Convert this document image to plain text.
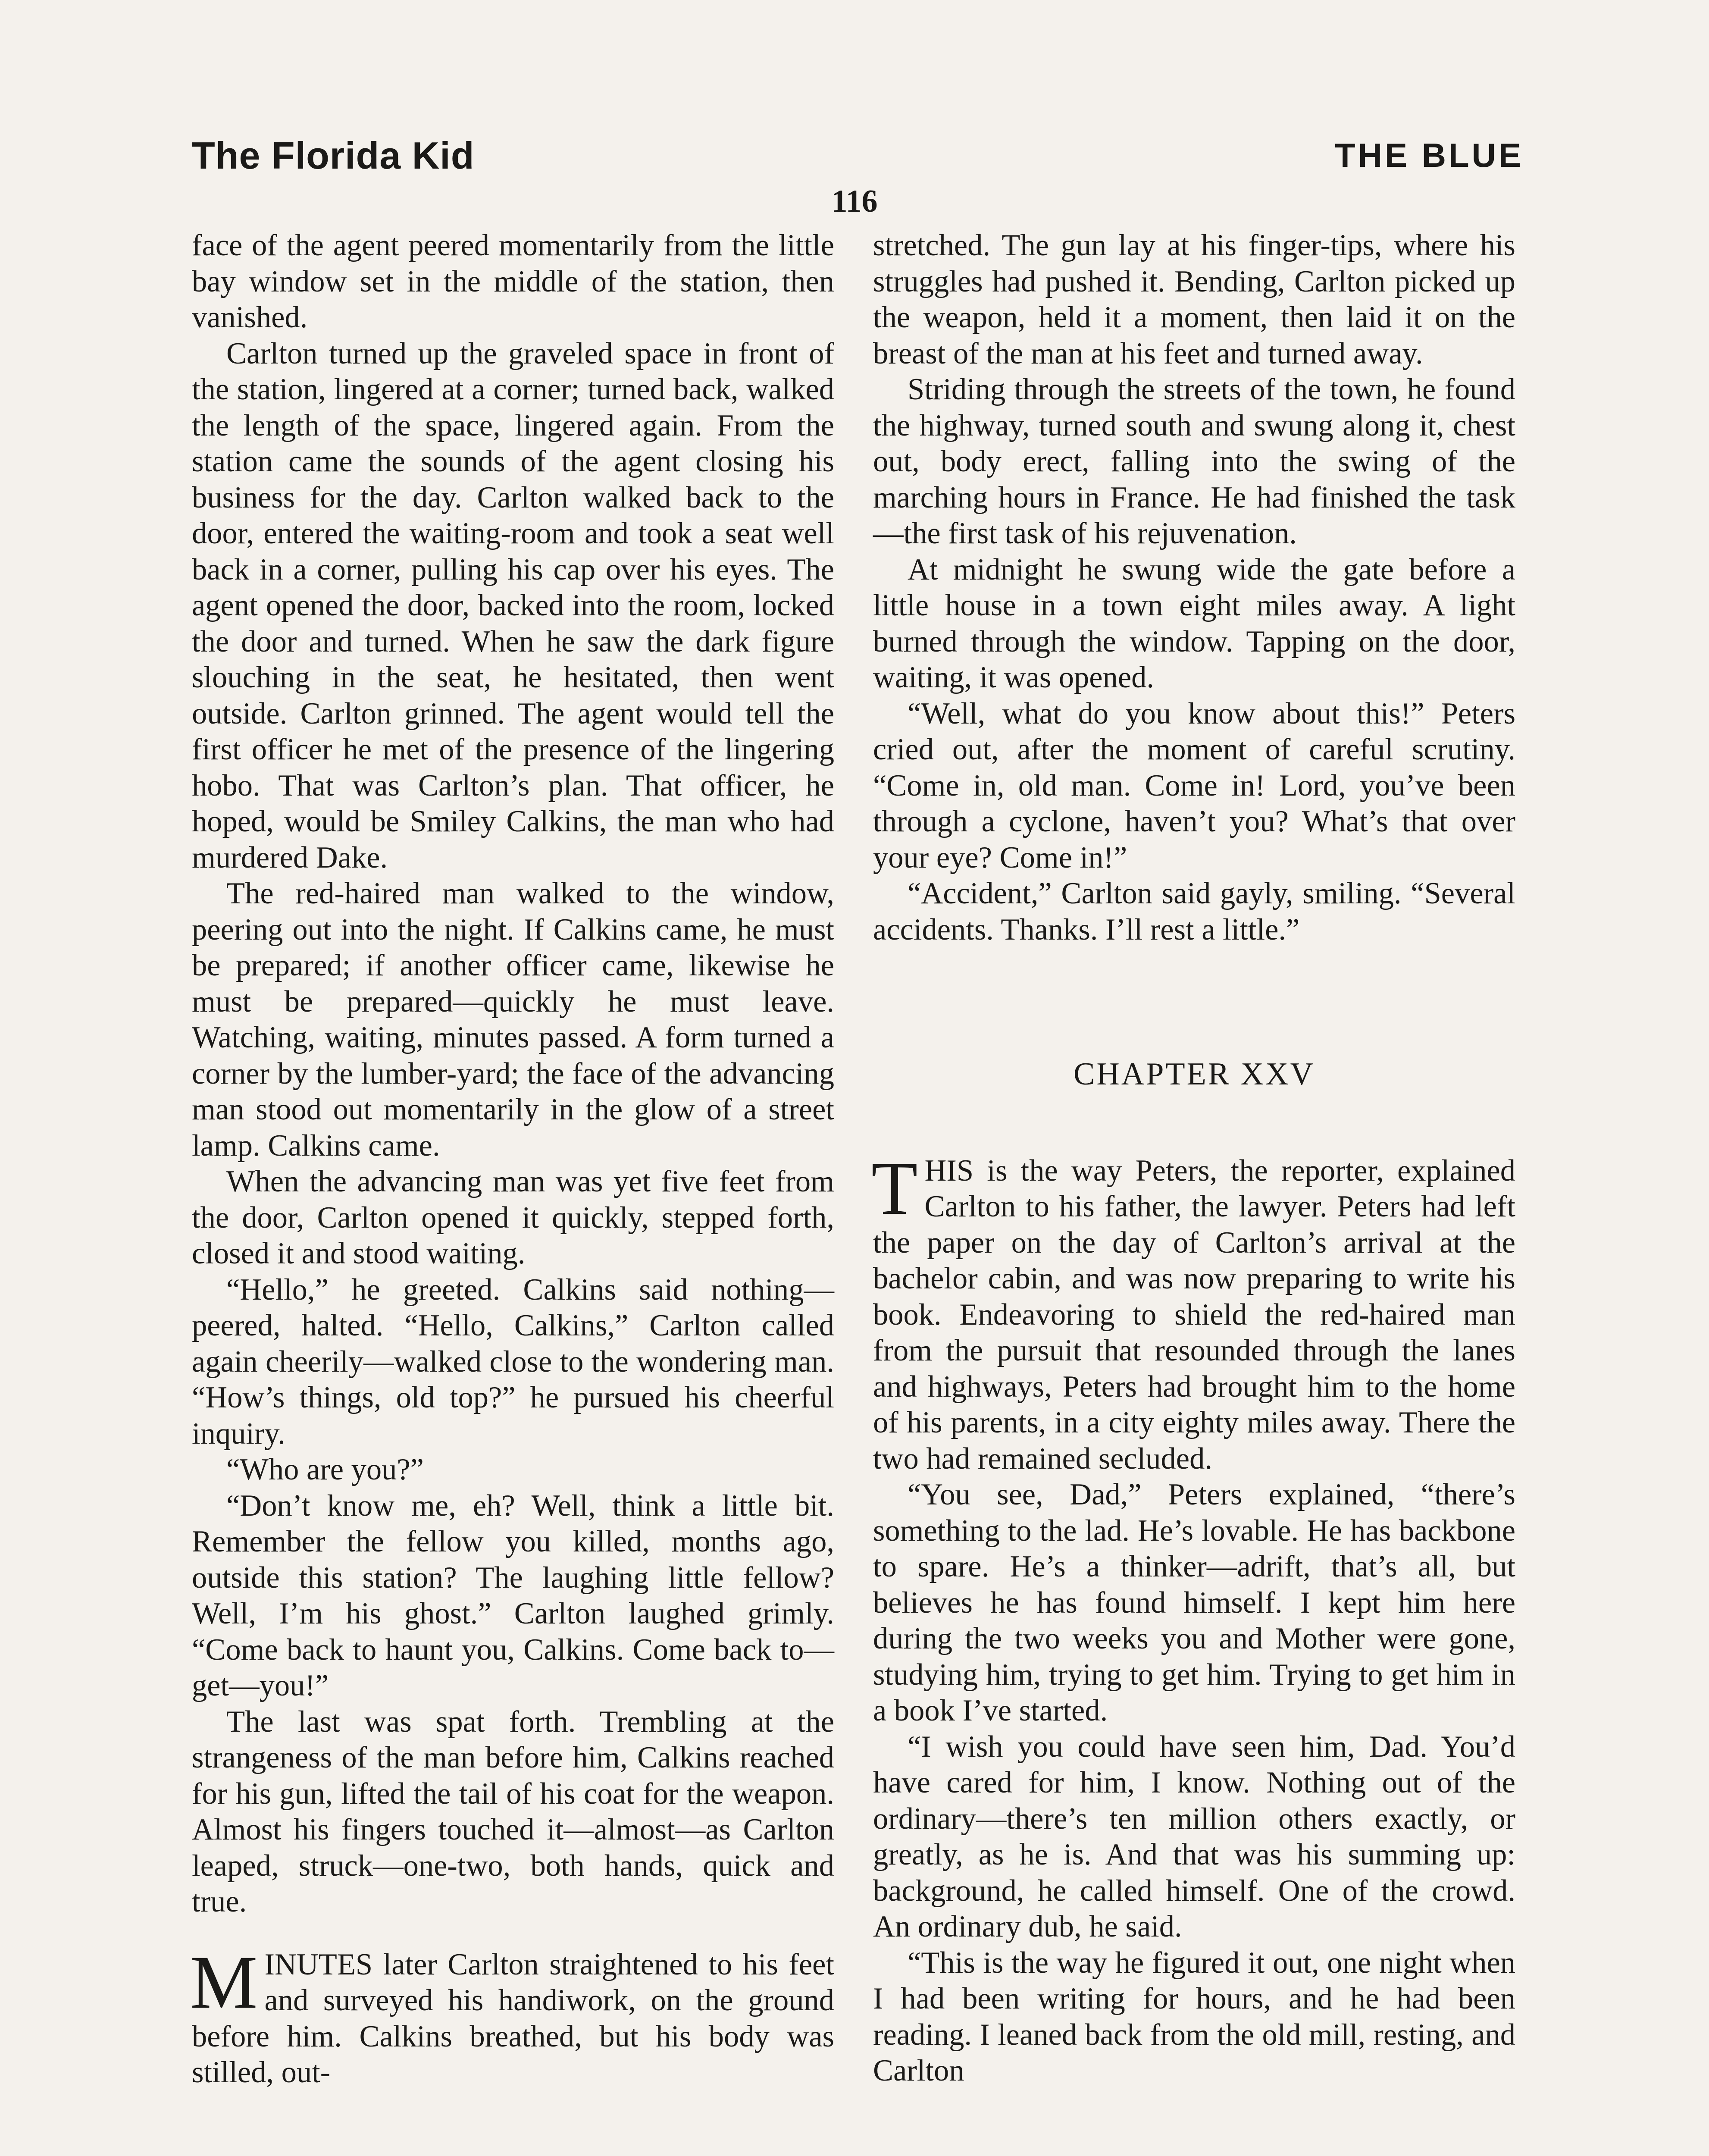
The Florida Kid	THE BLUE
116

face of the agent peered momentarily from the little bay window set in the middle of the station, then vanished.

Carlton turned up the graveled space in front of the station, lingered at a corner; turned back, walked the length of the space, lingered again. From the station came the sounds of the agent closing his business for the day. Carlton walked back to the door, entered the waiting-room and took a seat well back in a corner, pulling his cap over his eyes. The agent opened the door, backed into the room, locked the door and turned. When he saw the dark figure slouching in the seat, he hesitated, then went outside. Carlton grinned. The agent would tell the first officer he met of the presence of the lingering hobo. That was Carlton’s plan. That officer, he hoped, would be Smiley Calkins, the man who had murdered Dake.

The red-haired man walked to the window, peering out into the night. If Calkins came, he must be prepared; if another officer came, likewise he must be prepared—quickly he must leave. Watching, waiting, minutes passed. A form turned a corner by the lumber-yard; the face of the advancing man stood out momentarily in the glow of a street lamp. Calkins came.

When the advancing man was yet five feet from the door, Carlton opened it quickly, stepped forth, closed it and stood waiting.

“Hello,” he greeted. Calkins said nothing—peered, halted. “Hello, Calkins,” Carlton called again cheerily—walked close to the wondering man. “How’s things, old top?” he pursued his cheerful inquiry.

“Who are you?”

“Don’t know me, eh? Well, think a little bit. Remember the fellow you killed, months ago, outside this station? The laughing little fellow? Well, I’m his ghost.” Carlton laughed grimly. “Come back to haunt you, Calkins. Come back to—get—you!”

The last was spat forth. Trembling at the strangeness of the man before him, Calkins reached for his gun, lifted the tail of his coat for the weapon. Almost his fingers touched it—almost—as Carlton leaped, struck—one-two, both hands, quick and true.

MINUTES later Carlton straightened to his feet and surveyed his handiwork, on the ground before him. Calkins breathed, but his body was stilled, out-

stretched. The gun lay at his finger-tips, where his struggles had pushed it. Bending, Carlton picked up the weapon, held it a moment, then laid it on the breast of the man at his feet and turned away.

Striding through the streets of the town, he found the highway, turned south and swung along it, chest out, body erect, falling into the swing of the marching hours in France. He had finished the task—the first task of his rejuvenation.

At midnight he swung wide the gate before a little house in a town eight miles away. A light burned through the window. Tapping on the door, waiting, it was opened.

“Well, what do you know about this!” Peters cried out, after the moment of careful scrutiny. “Come in, old man. Come in! Lord, you’ve been through a cyclone, haven’t you? What’s that over your eye? Come in!”

“Accident,” Carlton said gayly, smiling. “Several accidents. Thanks. I’ll rest a little.”

CHAPTER XXV

THIS is the way Peters, the reporter, explained Carlton to his father, the lawyer. Peters had left the paper on the day of Carlton’s arrival at the bachelor cabin, and was now preparing to write his book. Endeavoring to shield the red-haired man from the pursuit that resounded through the lanes and highways, Peters had brought him to the home of his parents, in a city eighty miles away. There the two had remained secluded.

“You see, Dad,” Peters explained, “there’s something to the lad. He’s lovable. He has backbone to spare. He’s a thinker—adrift, that’s all, but believes he has found himself. I kept him here during the two weeks you and Mother were gone, studying him, trying to get him. Trying to get him in a book I’ve started.

“I wish you could have seen him, Dad. You’d have cared for him, I know. Nothing out of the ordinary—there’s ten million others exactly, or greatly, as he is. And that was his summing up: background, he called himself. One of the crowd. An ordinary dub, he said.

“This is the way he figured it out, one night when I had been writing for hours, and he had been reading. I leaned back from the old mill, resting, and Carlton
